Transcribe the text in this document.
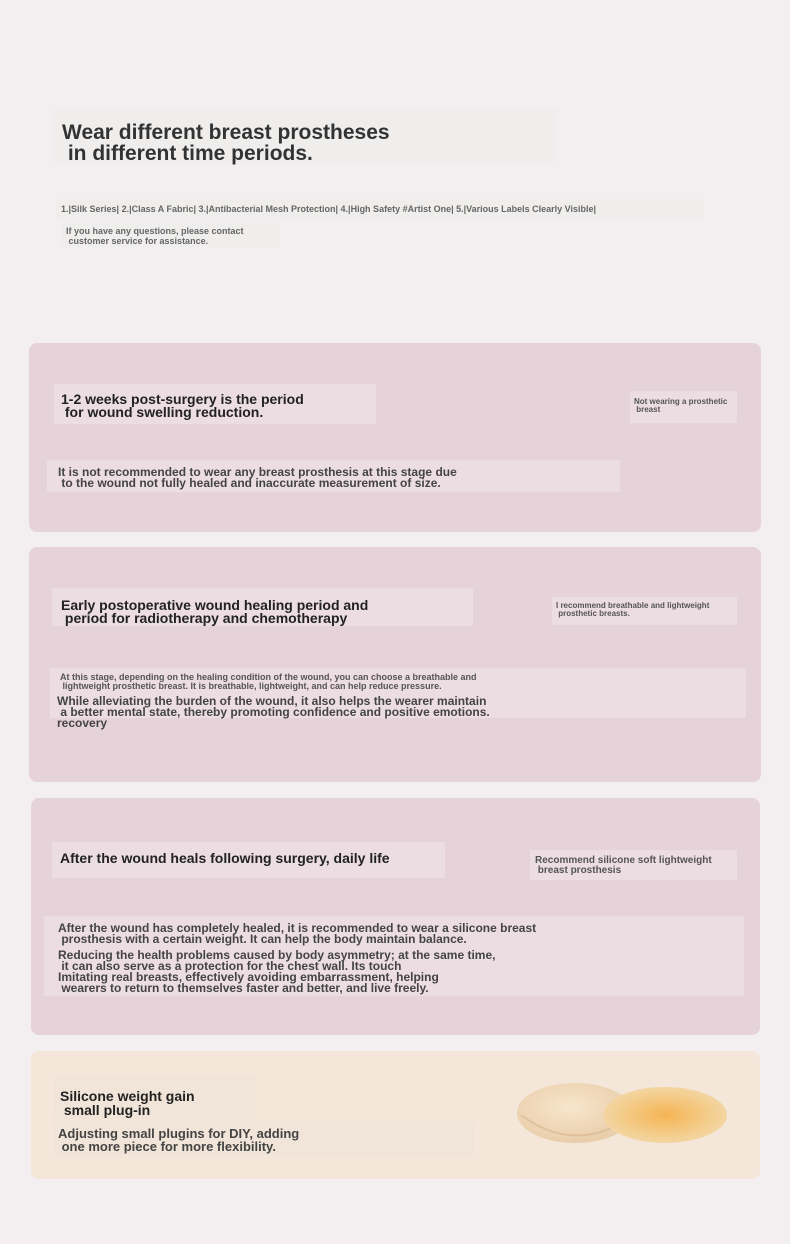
Wear different breast prostheses
in different time periods.
1.|Silk Series| 2.|Class A Fabric| 3.|Antibacterial Mesh Protection| 4.|High Safety #Artist One| 5.|Various Labels Clearly Visible|
If you have any questions, please contact
customer service for assistance.
1-2 weeks post-surgery is the period
for wound swelling reduction.
Not wearing a prosthetic
breast

It is not recommended to wear any breast prosthesis at this stage due
to the wound not fully healed and inaccurate measurement of size.

Early postoperative wound healing period and
period for radiotherapy and chemotherapy
I recommend breathable and lightweight
prosthetic breasts.

At this stage, depending on the healing condition of the wound, you can choose a breathable and
lightweight prosthetic breast. It is breathable, lightweight, and can help reduce pressure.

While alleviating the burden of the wound, it also helps the wearer maintain
a better mental state, thereby promoting confidence and positive emotions.
recovery

After the wound heals following surgery, daily life	Recommend silicone soft lightweight
breast prosthesis

After the wound has completely healed, it is recommended to wear a silicone breast
prosthesis with a certain weight. It can help the body maintain balance.

Reducing the health problems caused by body asymmetry; at the same time,
it can also serve as a protection for the chest wall. Its touch
Imitating real breasts, effectively avoiding embarrassment, helping
wearers to return to themselves faster and better, and live freely.

Silicone weight gain
small plug-in

Adjusting small plugins for DIY, adding
one more piece for more flexibility.
